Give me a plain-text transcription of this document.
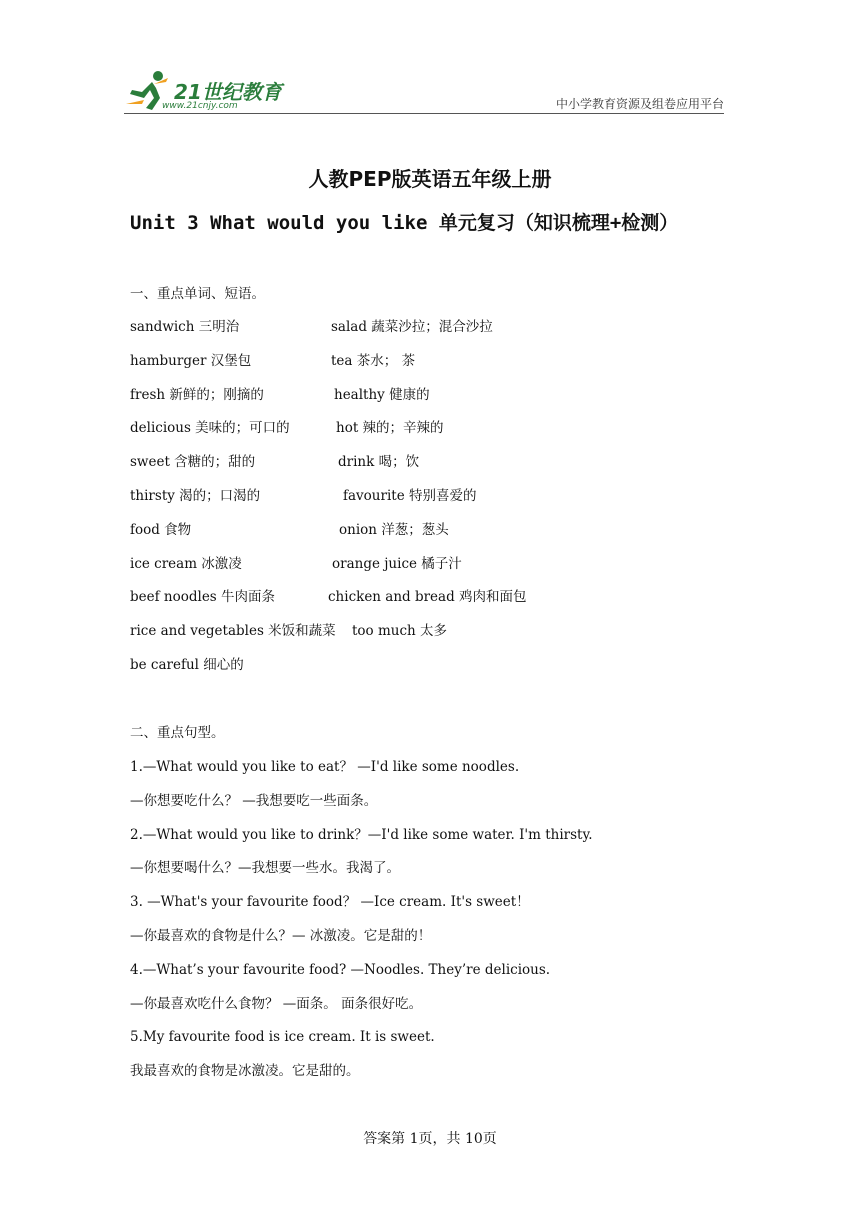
21世纪教育
www.21cnjy.com	中小学教育资源及组卷应用平台
人教PEP版英语五年级上册
Unit 3 What would you like 单元复习（知识梳理+检测）
一、重点单词、短语。
sandwich 三明治	salad 蔬菜沙拉；混合沙拉
hamburger 汉堡包	tea 茶水； 茶
fresh 新鲜的；刚摘的	healthy 健康的
delicious 美味的；可口的	hot 辣的；辛辣的
sweet 含糖的；甜的	drink 喝；饮
thirsty 渴的；口渴的	favourite 特别喜爱的
food 食物	onion 洋葱；葱头
ice cream 冰激凌	orange juice 橘子汁
beef noodles 牛肉面条	chicken and bread 鸡肉和面包
rice and vegetables 米饭和蔬菜 too much 太多
be careful 细心的
二、重点句型。
1.—What would you like to eat？ —I'd like some noodles.
—你想要吃什么？ —我想要吃一些面条。
2.—What would you like to drink？—I'd like some water. I'm thirsty.
—你想要喝什么？—我想要一些水。我渴了。
3. —What's your favourite food？ —Ice cream. It's sweet！
—你最喜欢的食物是什么？— 冰激凌。它是甜的！
4.—What’s your favourite food? —Noodles. They’re delicious.
—你最喜欢吃什么食物？ —面条。 面条很好吃。
5.My favourite food is ice cream. It is sweet.
我最喜欢的食物是冰激凌。它是甜的。
答案第 1页，共 10页
